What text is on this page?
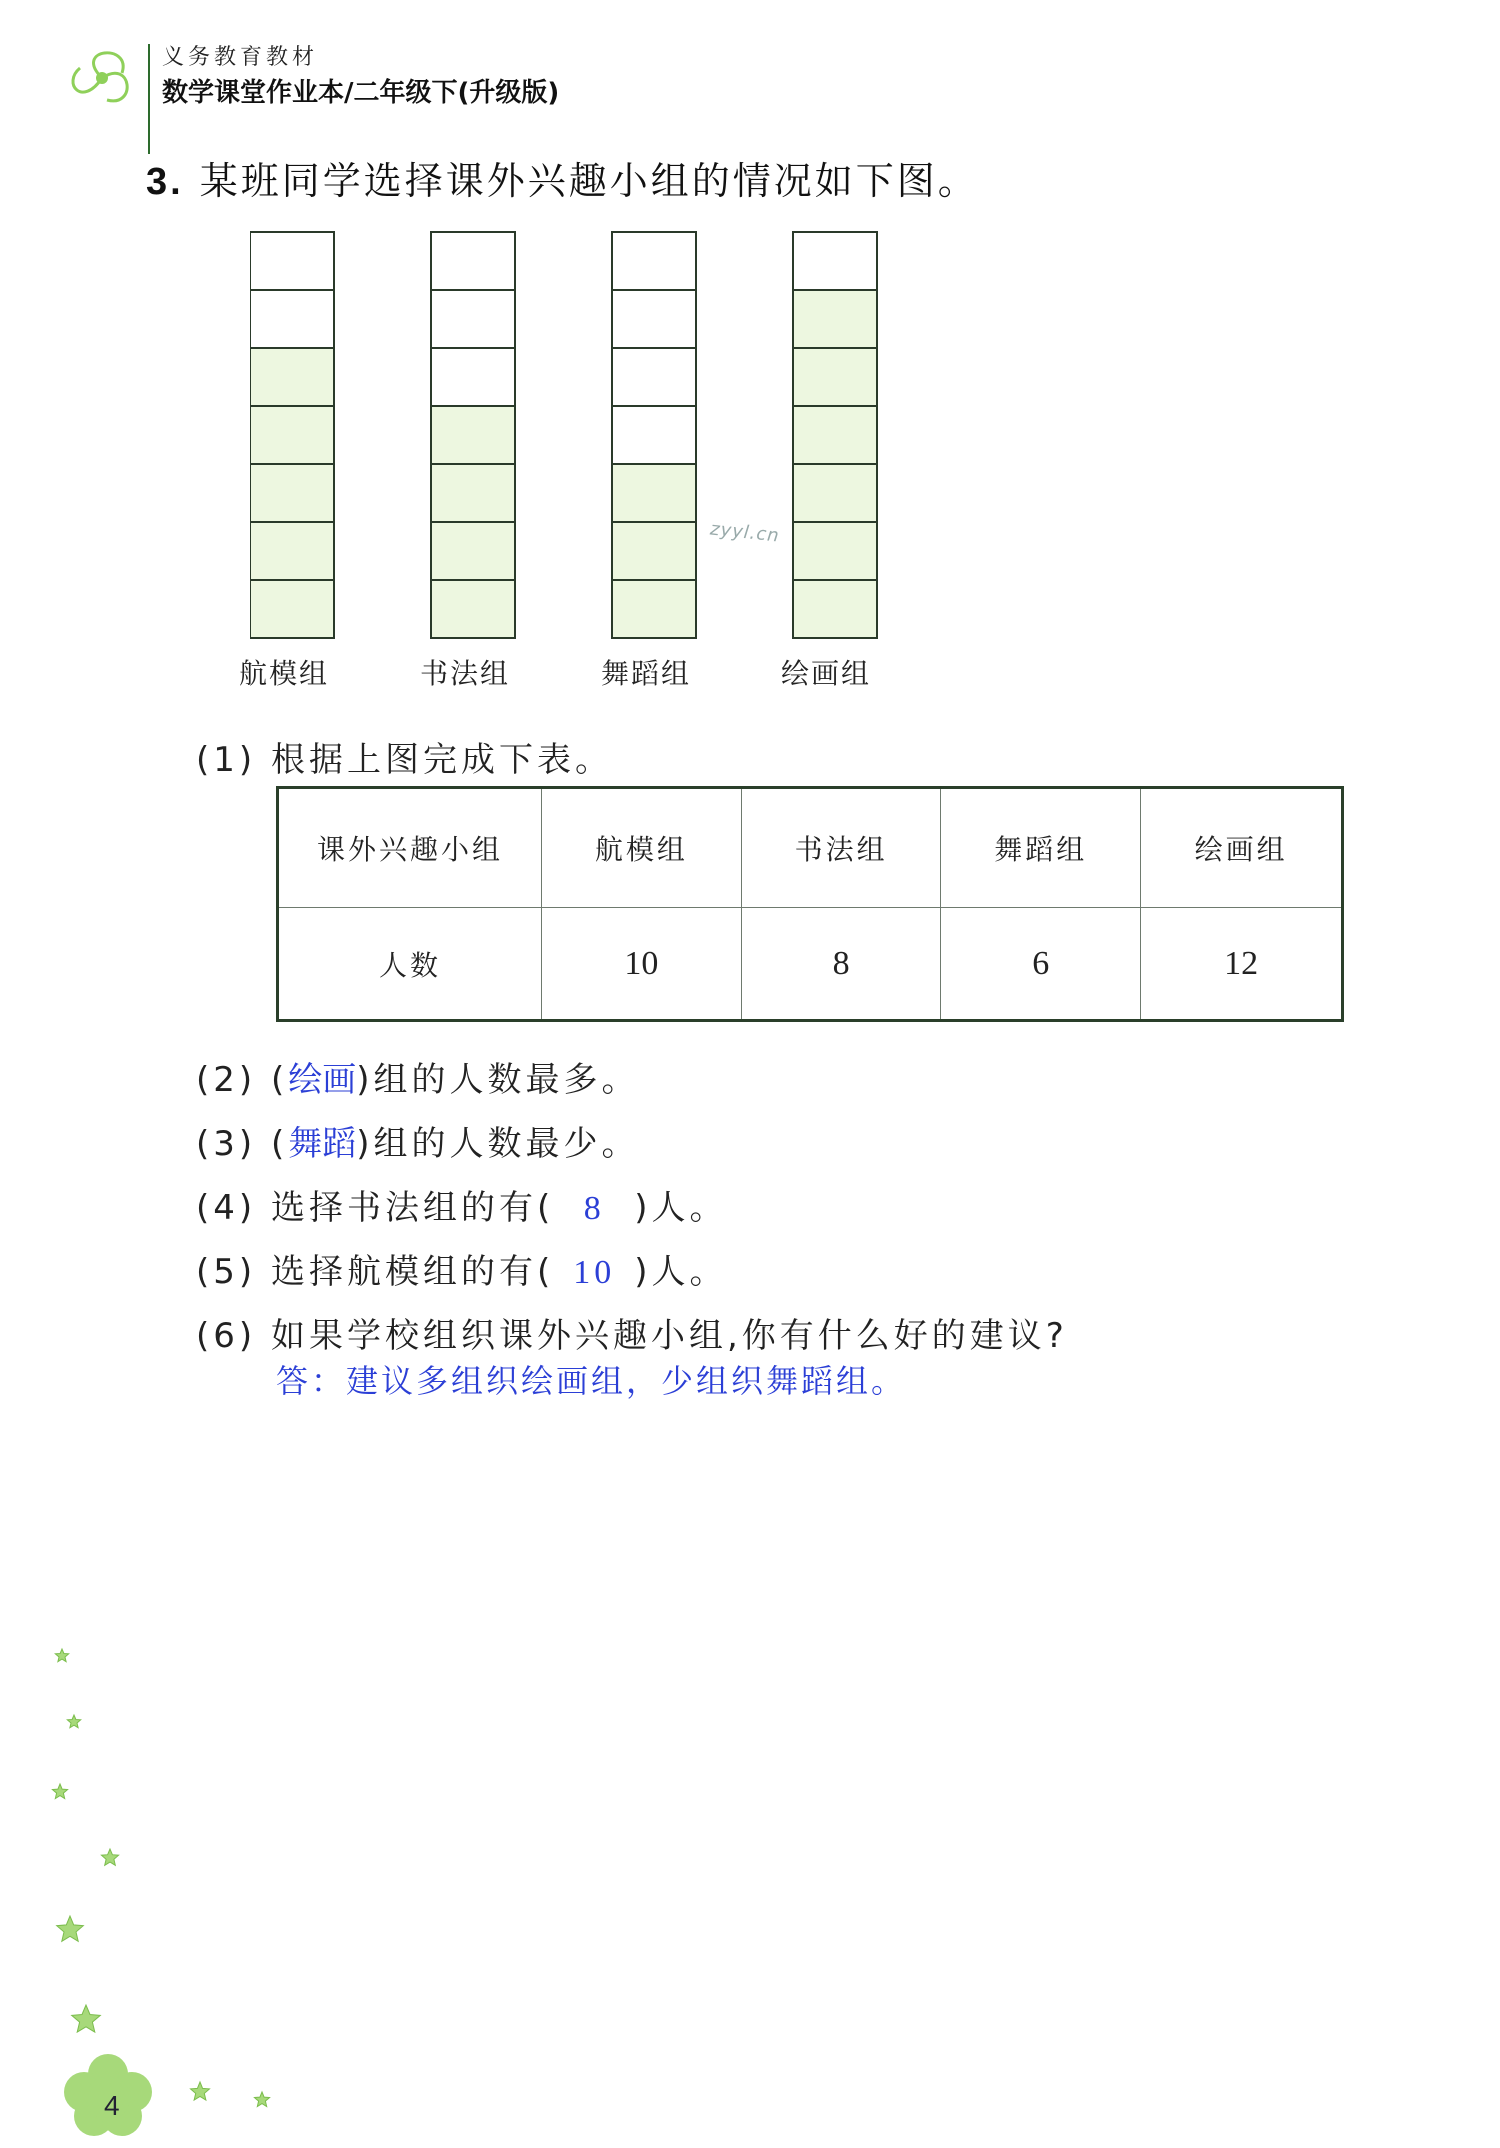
义务教育教材
数学课堂作业本/二年级下(升级版)
3. 某班同学选择课外兴趣小组的情况如下图。
航模组	书法组	舞蹈组	绘画组
zyyl.cn
(1) 根据上图完成下表。
课外兴趣小组	航模组	书法组	舞蹈组	绘画组
人数	10	8	6	12
(2) (绘画)组的人数最多。
(3) (舞蹈)组的人数最少。
(4) 选择书法组的有( 8 )人。
(5) 选择航模组的有( 10 )人。
(6) 如果学校组织课外兴趣小组,你有什么好的建议?
答：建议多组织绘画组，少组织舞蹈组。
4
